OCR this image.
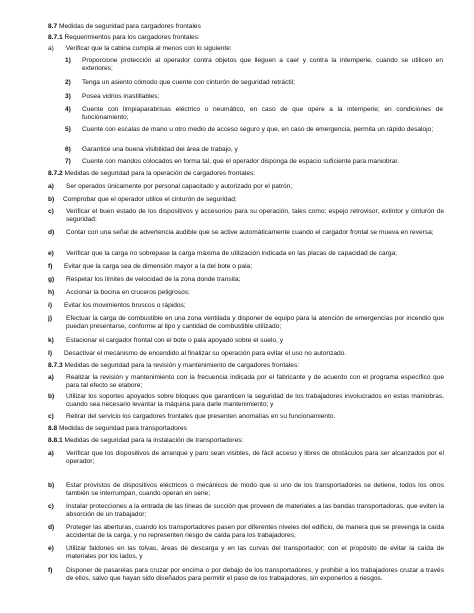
8.7 Medidas de seguridad para cargadores frontales

8.7.1 Requerimientos para los cargadores frontales:

a) Verificar que la cabina cumpla al menos con lo siguiente:

1) Proporcione protección al operador contra objetos que lleguen a caer y contra la intemperie, cuando se utilicen en exteriores;

2) Tenga un asiento cómodo que cuente con cinturón de seguridad retráctil;

3) Posea vidrios inastillables;

4) Cuente con limpiaparabrisas eléctrico o neumático, en caso de que opere a la intemperie; en condiciones de funcionamiento;

5) Cuente con escalas de mano u otro medio de acceso seguro y que, en caso de emergencia, permita un rápido desalojo;

6) Garantice una buena visibilidad del área de trabajo, y

7) Cuente con mandos colocados en forma tal, que el operador disponga de espacio suficiente para maniobrar.

8.7.2 Medidas de seguridad para la operación de cargadores frontales:

a) Ser operados únicamente por personal capacitado y autorizado por el patrón;

b) Comprobar que el operador utilice el cinturón de seguridad;

c) Verificar el buen estado de los dispositivos y accesorios para su operación, tales como: espejo retrovisor, extintor y cinturón de seguridad;

d) Contar con una señal de advertencia audible que se active automáticamente cuando el cargador frontal se mueva en reversa;

e) Verificar que la carga no sobrepase la carga máxima de utilización indicada en las placas de capacidad de carga;

f) Evitar que la carga sea de dimensión mayor a la del bote o pala;

g) Respetar los límites de velocidad de la zona donde transita;

h) Accionar la bocina en cruceros peligrosos;

i) Evitar los movimientos bruscos o rápidos;

j) Efectuar la carga de combustible en una zona ventilada y disponer de equipo para la atención de emergencias por incendio que puedan presentarse, conforme al tipo y cantidad de combustible utilizado;

k) Estacionar el cargador frontal con el bote o pala apoyado sobre el suelo, y

l) Desactivar el mecanismo de encendido al finalizar su operación para evitar el uso no autorizado.

8.7.3 Medidas de seguridad para la revisión y mantenimiento de cargadores frontales:

a) Realizar la revisión y mantenimiento con la frecuencia indicada por el fabricante y de acuerdo con el programa específico que para tal efecto se elabore;

b) Utilizar los soportes apoyados sobre bloques que garanticen la seguridad de los trabajadores involucrados en estas maniobras, cuando sea necesario levantar la máquina para darle mantenimiento; y

c) Retirar del servicio los cargadores frontales que presenten anomalías en su funcionamiento.

8.8 Medidas de seguridad para transportadores

8.8.1 Medidas de seguridad para la instalación de transportadores:

a) Verificar que los dispositivos de arranque y paro sean visibles, de fácil acceso y libres de obstáculos para ser alcanzados por el operador;

b) Estar provistos de dispositivos eléctricos o mecánicos de modo que si uno de los transportadores se detiene, todos los otros también se interrumpan, cuando operan en serie;

c) Instalar protecciones a la entrada de las líneas de succión que proveen de materiales a las bandas transportadoras, que eviten la absorción de un trabajador;

d) Proteger las aberturas, cuando los transportadores pasen por diferentes niveles del edificio, de manera que se prevenga la caída accidental de la carga, y no representen riesgo de caída para los trabajadores;

e) Utilizar faldones en las tolvas, áreas de descarga y en las curvas del transportador; con el propósito de evitar la caída de materiales por los lados, y

f) Disponer de pasarelas para cruzar por encima o por debajo de los transportadores, y prohibir a los trabajadores cruzar a través de ellos, salvo que hayan sido diseñados para permitir el paso de los trabajadores, sin exponerlos a riesgos.
